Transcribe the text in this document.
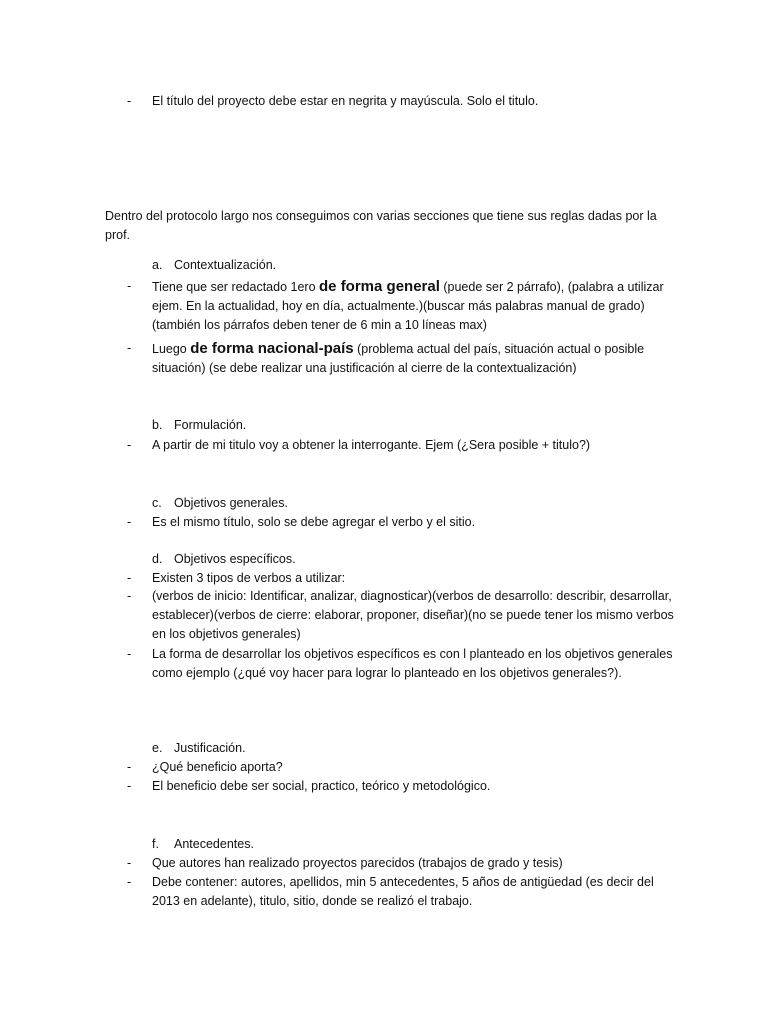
- El título del proyecto debe estar en negrita y mayúscula. Solo el titulo.
Dentro del protocolo largo nos conseguimos con varias secciones que tiene sus reglas dadas por la prof.
a. Contextualización.
- Tiene que ser redactado 1ero de forma general (puede ser 2 párrafo), (palabra a utilizar ejem. En la actualidad, hoy en día, actualmente.)(buscar más palabras manual de grado)(también los párrafos deben tener de 6 min a 10 líneas max)
- Luego de forma nacional-país (problema actual del país, situación actual o posible situación) (se debe realizar una justificación al cierre de la contextualización)
b. Formulación.
- A partir de mi titulo voy a obtener la interrogante. Ejem (¿Sera posible + titulo?)
c. Objetivos generales.
- Es el mismo título, solo se debe agregar el verbo y el sitio.
d. Objetivos específicos.
- Existen 3 tipos de verbos a utilizar:
- (verbos de inicio: Identificar, analizar, diagnosticar)(verbos de desarrollo: describir, desarrollar, establecer)(verbos de cierre: elaborar, proponer, diseñar)(no se puede tener los mismo verbos en los objetivos generales)
- La forma de desarrollar los objetivos específicos es con l planteado en los objetivos generales como ejemplo (¿qué voy hacer para lograr lo planteado en los objetivos generales?).
e. Justificación.
- ¿Qué beneficio aporta?
- El beneficio debe ser social, practico, teórico y metodológico.
f. Antecedentes.
- Que autores han realizado proyectos parecidos (trabajos de grado y tesis)
- Debe contener: autores, apellidos, min 5 antecedentes, 5 años de antigüedad (es decir del 2013 en adelante), titulo, sitio, donde se realizó el trabajo.
